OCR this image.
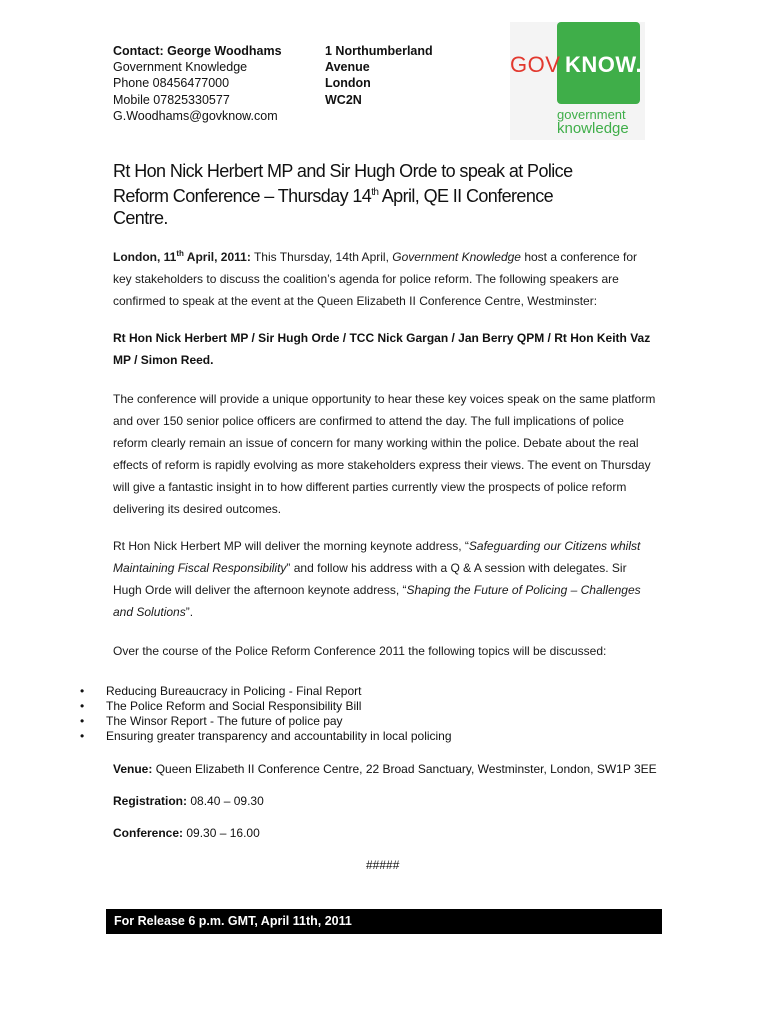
Contact: George Woodhams
Government Knowledge
Phone 08456477000
Mobile 07825330577
G.Woodhams@govknow.com
1 Northumberland
Avenue
London
WC2N
GOV KNOW.
government
knowledge
Rt Hon Nick Herbert MP and Sir Hugh Orde to speak at Police Reform Conference – Thursday 14th April, QE II Conference Centre.
London, 11th April, 2011: This Thursday, 14th April, Government Knowledge host a conference for key stakeholders to discuss the coalition’s agenda for police reform. The following speakers are confirmed to speak at the event at the Queen Elizabeth II Conference Centre, Westminster:
Rt Hon Nick Herbert MP / Sir Hugh Orde / TCC Nick Gargan / Jan Berry QPM / Rt Hon Keith Vaz MP / Simon Reed.
The conference will provide a unique opportunity to hear these key voices speak on the same platform and over 150 senior police officers are confirmed to attend the day. The full implications of police reform clearly remain an issue of concern for many working within the police. Debate about the real effects of reform is rapidly evolving as more stakeholders express their views. The event on Thursday will give a fantastic insight in to how different parties currently view the prospects of police reform delivering its desired outcomes.
Rt Hon Nick Herbert MP will deliver the morning keynote address, “Safeguarding our Citizens whilst Maintaining Fiscal Responsibility” and follow his address with a Q & A session with delegates. Sir Hugh Orde will deliver the afternoon keynote address, “Shaping the Future of Policing – Challenges and Solutions”.
Over the course of the Police Reform Conference 2011 the following topics will be discussed:
• Reducing Bureaucracy in Policing - Final Report
• The Police Reform and Social Responsibility Bill
• The Winsor Report - The future of police pay
• Ensuring greater transparency and accountability in local policing
Venue: Queen Elizabeth II Conference Centre, 22 Broad Sanctuary, Westminster, London, SW1P 3EE
Registration: 08.40 – 09.30
Conference: 09.30 – 16.00
#####
For Release 6 p.m. GMT, April 11th, 2011
